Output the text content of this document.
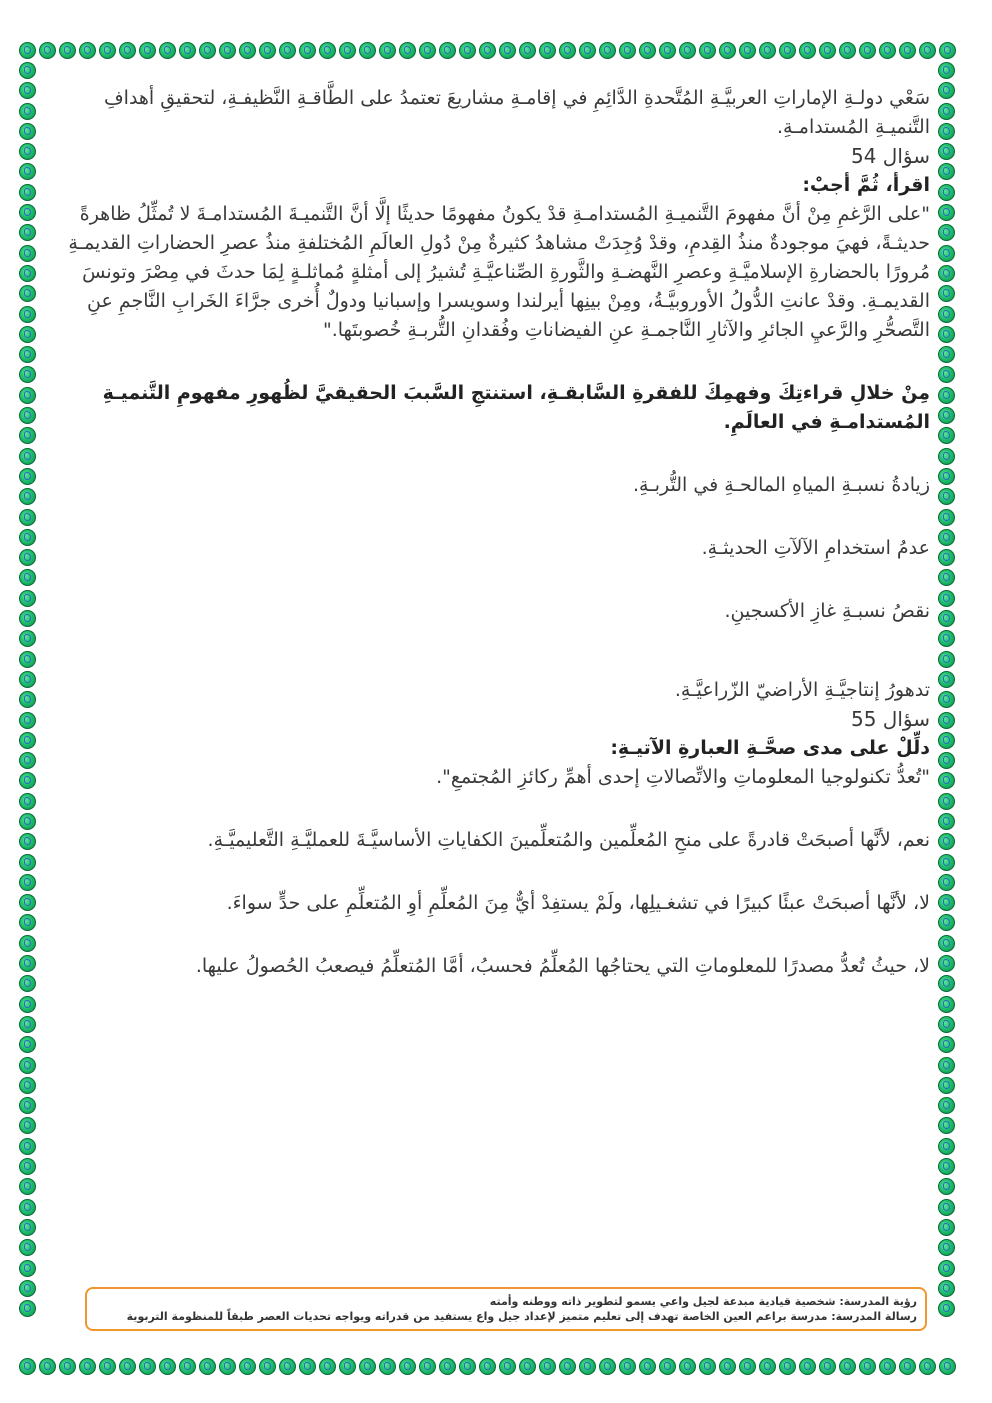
سَعْي دولـةِ الإماراتِ العربيَّـةِ المُتَّحدةِ الدَّائِمِ في إقامـةِ مشاريعَ تعتمدُ على الطَّاقـةِ النَّظيفـةِ، لتحقيقِ أهدافِ التَّنميـةِ المُستدامـةِ.

سؤال 54

اقرأ، ثُمَّ أجبْ:

"على الرَّغمِ مِنْ أنَّ مفهومَ التَّنميـةِ المُستدامـةِ قدْ يكونُ مفهومًا حديثًا إلَّا أنَّ التَّنميـةَ المُستدامـةَ لا تُمثِّلُ ظاهرةً حديثـةً، فهيَ موجودةٌ منذُ القِدمِ، وقدْ وُجِدَتْ مشاهدُ كثيرةٌ مِنْ دُولِ العالَمِ المُختلفةِ منذُ عصرِ الحضاراتِ القديمـةِ مُرورًا بالحضارةِ الإسلاميَّـةِ وعصرِ النَّهضـةِ والثَّورةِ الصِّناعيَّـةِ تُشيرُ إلى أمثلةٍ مُماثلـةٍ لِمَا حدثَ في مِصْرَ وتونسَ القديمـةِ. وقدْ عانتِ الدُّولُ الأوروبيَّـةُ، ومِنْ بينِها أيرلندا وسويسرا وإسبانيا ودولٌ أُخرى جرَّاءَ الخَرابِ النَّاجمِ عنِ التَّصحُّرِ والرَّعيِ الجائرِ والآثارِ النَّاجمـةِ عنِ الفيضاناتِ وفُقدانِ التُّربـةِ خُصوبتَها."

مِنْ خلالِ قراءتِكَ وفهمِكَ للفقرةِ السَّابقـةِ، استنتجِ السَّببَ الحقيقيَّ لظُهورِ مفهومِ التَّنميـةِ المُستدامـةِ في العالَمِ.

زيادةُ نسبـةِ المياهِ المالحـةِ في التُّربـةِ.

عدمُ استخدامِ الآلآتِ الحديثـةِ.

نقصُ نسبـةِ غازِ الأكسجينِ.

تدهورُ إنتاجيَّـةِ الأراضيّ الزّراعيَّـةِ.

سؤال 55

دلِّلْ على مدى صحَّـةِ العبارةِ الآتيـةِ:

"تُعدُّ تكنولوجيا المعلوماتِ والاتِّصالاتِ إحدى أهمِّ ركائزِ المُجتمعِ".

نعم، لأنَّها أصبحَتْ قادرةً على منحِ المُعلِّمين والمُتعلِّمينَ الكفاياتِ الأساسيَّـةَ للعمليَّـةِ التَّعليميَّـةِ.

لا، لأنَّها أصبحَتْ عبئًا كبيرًا في تشغـيلِها، ولَمْ يستفِدْ أيٌّ مِنَ المُعلِّمِ أوِ المُتعلِّمِ على حدٍّ سواءَ.

لا، حيثُ تُعدُّ مصدرًا للمعلوماتِ التي يحتاجُها المُعلِّمُ فحسبُ، أمَّا المُتعلِّمُ فيصعبُ الحُصولُ عليها.

رؤية المدرسة: شخصية قيادية مبدعة لجيل واعي يسمو لتطوير ذاته ووطنه وأمته
رسالة المدرسة: مدرسة براعم العين الخاصة تهدف إلى تعليم متميز لإعداد جيل واع يستفيد من قدراته ويواجه تحديات العصر طبقاً للمنظومة التربوية
